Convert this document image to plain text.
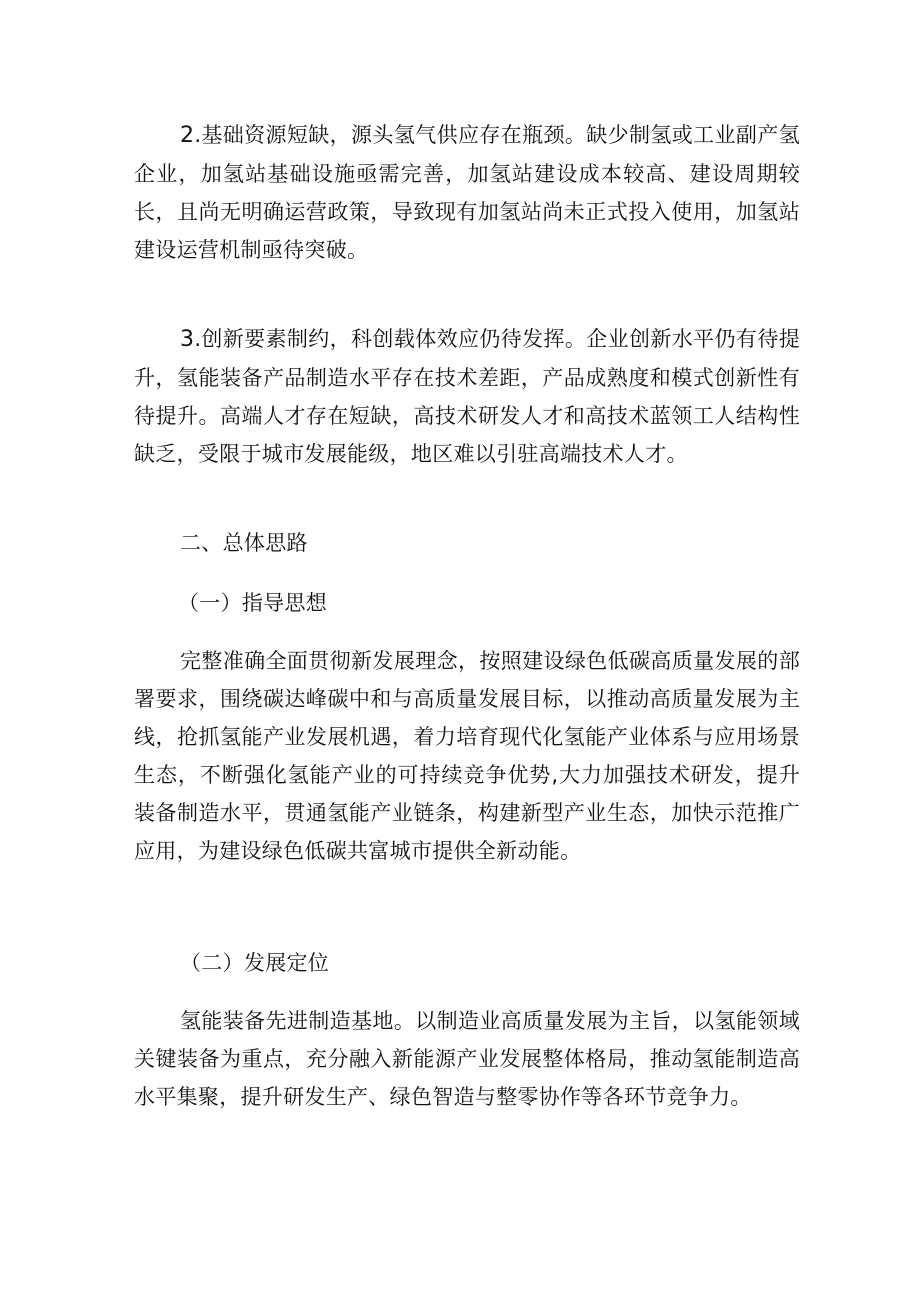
2.基础资源短缺，源头氢气供应存在瓶颈。缺少制氢或工业副产氢企业，加氢站基础设施亟需完善，加氢站建设成本较高、建设周期较长，且尚无明确运营政策，导致现有加氢站尚未正式投入使用，加氢站建设运营机制亟待突破。

3.创新要素制约，科创载体效应仍待发挥。企业创新水平仍有待提升，氢能装备产品制造水平存在技术差距，产品成熟度和模式创新性有待提升。高端人才存在短缺，高技术研发人才和高技术蓝领工人结构性缺乏，受限于城市发展能级，地区难以引驻高端技术人才。

二、总体思路
（一）指导思想

完整准确全面贯彻新发展理念，按照建设绿色低碳高质量发展的部署要求，围绕碳达峰碳中和与高质量发展目标，以推动高质量发展为主线，抢抓氢能产业发展机遇，着力培育现代化氢能产业体系与应用场景生态，不断强化氢能产业的可持续竞争优势,大力加强技术研发，提升装备制造水平，贯通氢能产业链条，构建新型产业生态，加快示范推广应用，为建设绿色低碳共富城市提供全新动能。

（二）发展定位

氢能装备先进制造基地。以制造业高质量发展为主旨，以氢能领域关键装备为重点，充分融入新能源产业发展整体格局，推动氢能制造高水平集聚，提升研发生产、绿色智造与整零协作等各环节竞争力。
